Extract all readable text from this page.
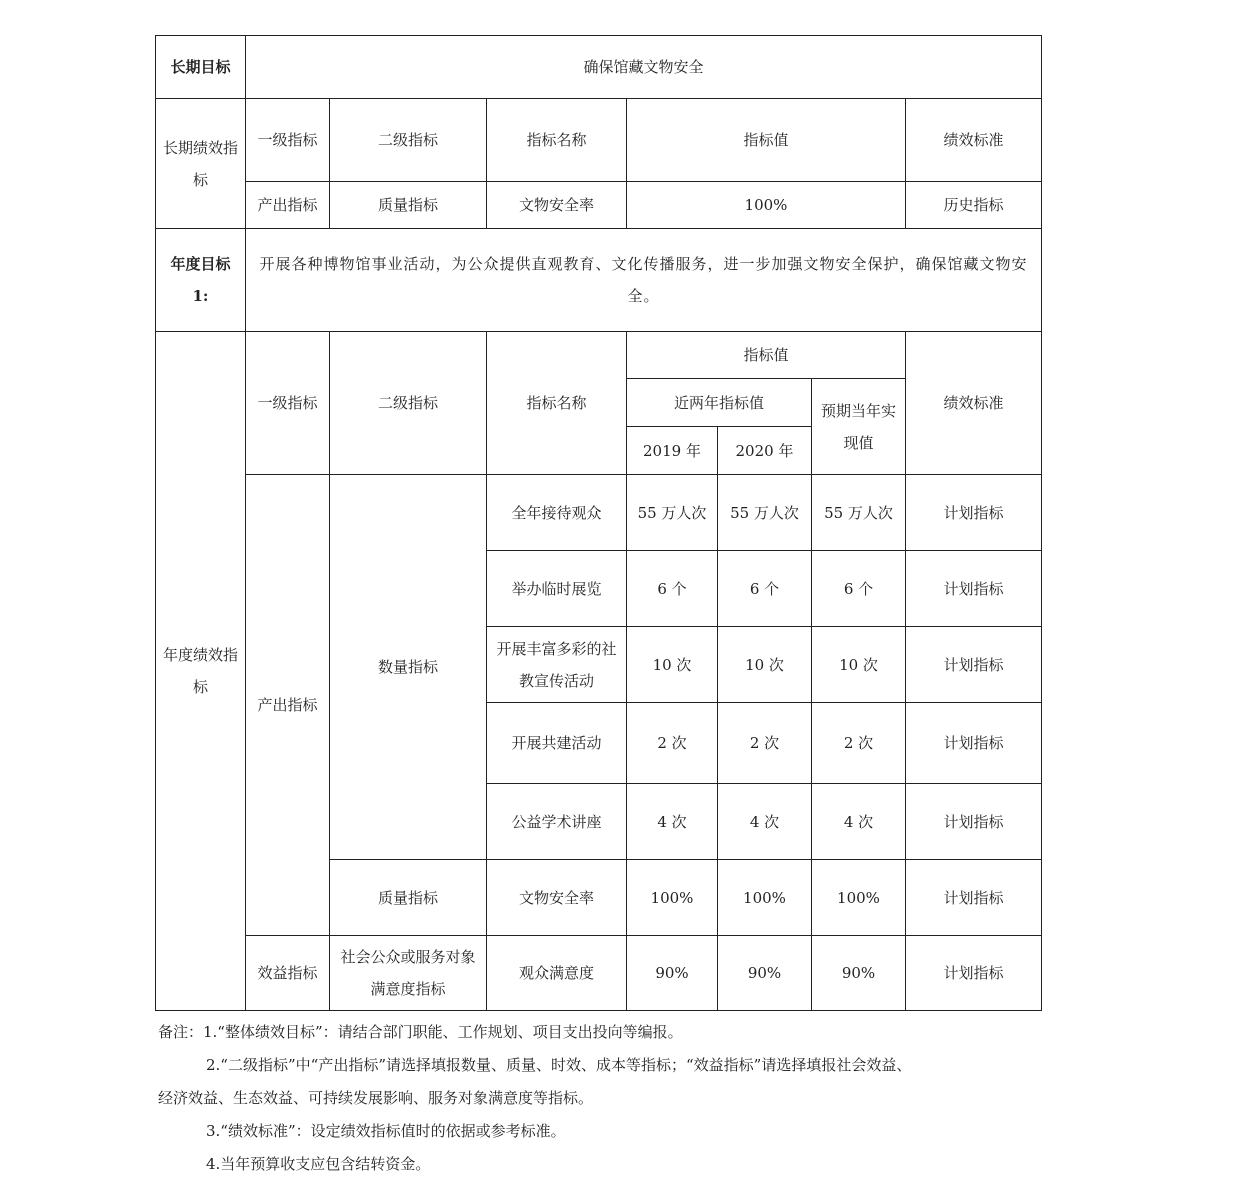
长期目标	确保馆藏文物安全						
长期绩效指标	一级指标	二级指标	指标名称	指标值			绩效标准
	产出指标	质量指标	文物安全率	100%			历史指标
年度目标 1:	开展各种博物馆事业活动，为公众提供直观教育、文化传播服务，进一步加强文物安全保护，确保馆藏文物安全。						
年度绩效指标	一级指标	二级指标	指标名称	指标值			绩效标准
				近两年指标值		预期当年实现值	
				2019 年	2020 年		
	产出指标	数量指标	全年接待观众	55 万人次	55 万人次	55 万人次	计划指标
			举办临时展览	6 个	6 个	6 个	计划指标
			开展丰富多彩的社教宣传活动	10 次	10 次	10 次	计划指标
			开展共建活动	2 次	2 次	2 次	计划指标
			公益学术讲座	4 次	4 次	4 次	计划指标
		质量指标	文物安全率	100%	100%	100%	计划指标
	效益指标	社会公众或服务对象满意度指标	观众满意度	90%	90%	90%	计划指标

备注：1.“整体绩效目标”：请结合部门职能、工作规划、项目支出投向等编报。

2.“二级指标”中“产出指标”请选择填报数量、质量、时效、成本等指标；“效益指标”请选择填报社会效益、

经济效益、生态效益、可持续发展影响、服务对象满意度等指标。

3.“绩效标准”：设定绩效指标值时的依据或参考标准。

4.当年预算收支应包含结转资金。
